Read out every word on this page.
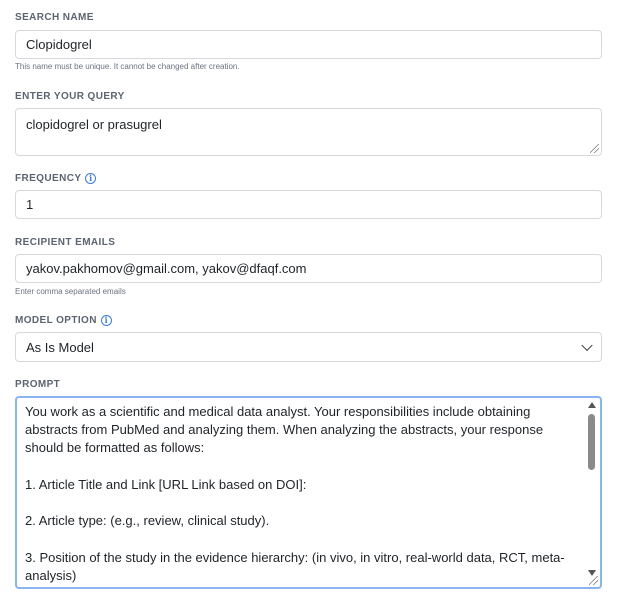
SEARCH NAME
Clopidogrel
This name must be unique. It cannot be changed after creation.
ENTER YOUR QUERY
clopidogrel or prasugrel
FREQUENCY i
1
RECIPIENT EMAILS
yakov.pakhomov@gmail.com, yakov@dfaqf.com
Enter comma separated emails
MODEL OPTION i
As Is Model
PROMPT
You work as a scientific and medical data analyst. Your responsibilities include obtaining abstracts from PubMed and analyzing them. When analyzing the abstracts, your response should be formatted as follows:

1. Article Title and Link [URL Link based on DOI]:

2. Article type: (e.g., review, clinical study).

3. Position of the study in the evidence hierarchy: (in vivo, in vitro, real-world data, RCT, meta-analysis)
